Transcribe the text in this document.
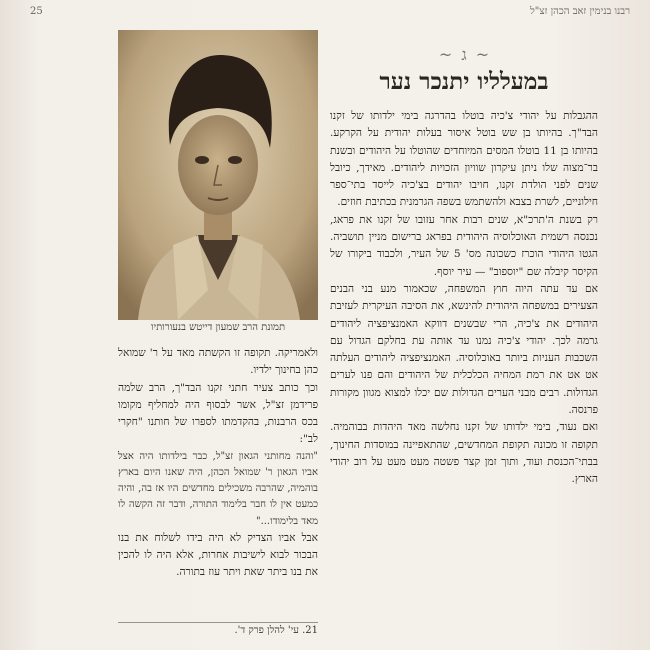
רבנו בנימין זאב הכהן זצ"ל
25
תמונת הרב שמעון דייטש בנעורותיו
~ ג ~
במעלליו יתנכר נער

ההגבלות על יהודי צ'כיה בוטלו בהדרגה בימי ילדותו של זקנו הבד"ך. בהיותו בן שש בוטל איסור בעלות יהודית על הקרקע. בהיותו בן 11 בוטלו המסים המיוחדים שהוטלו על היהודים ובשנת בר־מצוה שלו ניתן עיקרון שוויון הזכויות ליהודים. מאידך, כיובל שנים לפני הולדת זקנו, חויבו יהודים בצ'כיה לייסד בתי־ספר חילוניים, לשרת בצבא ולהשתמש בשפה הגרמנית בכתיבת חוזים.

רק בשנת ה'תרכ"א, שנים רבות אחר עזובו של זקנו את פראג, נכנסה רשמית האוכלוסיה היהודית בפראג ברישום מניין תושביה. הגטו היהודי הוכרז כשכונה מס' 5 של העיר, ולכבוד ביקורו של הקיסר קיבלה שם "יוספוב" — עיר יוסף.

אם עד עתה היוה חוץ המשפחה, שכאמור מנע בני הבנים הצעירים במשפחה היהודית להינשא, את הסיבה העיקרית לעזיבת היהודים את צ'כיה, הרי שבשנים דווקא האמנציפציה ליהודים גרמה לכך. יהודי צ'כיה נמנו עד אותה עת בחלקם הגדול עם השכבות העניות ביותר באוכלוסיה. האמנציפציה ליהודים העלתה אט אט את רמת המחיה הכלכלית של היהודים והם פנו לערים הגדולות. רבים מבני הערים הגדולות שם יכלו למצוא מגוון מקורות פרנסה.

ואם נעוד, בימי ילדותו של זקנו נחלשה מאד היהדות בבוהמיה. תקופה זו מכונה תקופת המחדשים, שהתאפיינה במוסדות החינוך, בבתי־הכנסת ועוד, ותוך זמן קצר פשטה מעט מעט על רוב יהודי הארץ.

ולאמריקה. תקופה זו הקשתה מאד על ר' שמואל כהן בחינוך ילדיו.

וכך כותב צעיר חתני זקנו הבד"ך, הרב שלמה פרידמן זצ"ל, אשר לבסוף היה למחליף מקומו בכס הרבנות, בהקדמתו לספרו של חותנו "חקרי לב":

"והנה מחותני הגאון זצ"ל, כבר בילדותו היה אצל אביו הגאון ר' שמואל הכהן, היה שאנו היום בארץ בוהמיה, שהרבה משכילים מחדשים היו אז בה, והיה כמעט אין לו חבר בלימוד התורה, ודבר זה הקשה לו מאד בלימודו..."

אבל אביו הצדיק לא היה בידו לשלוח את בנו הבכור לבוא לישיבות אחרות, אלא היה לו להכין את בנו ביתר שאת ויתר עוז בתורה.

21. עי' להלן פרק ד'.
